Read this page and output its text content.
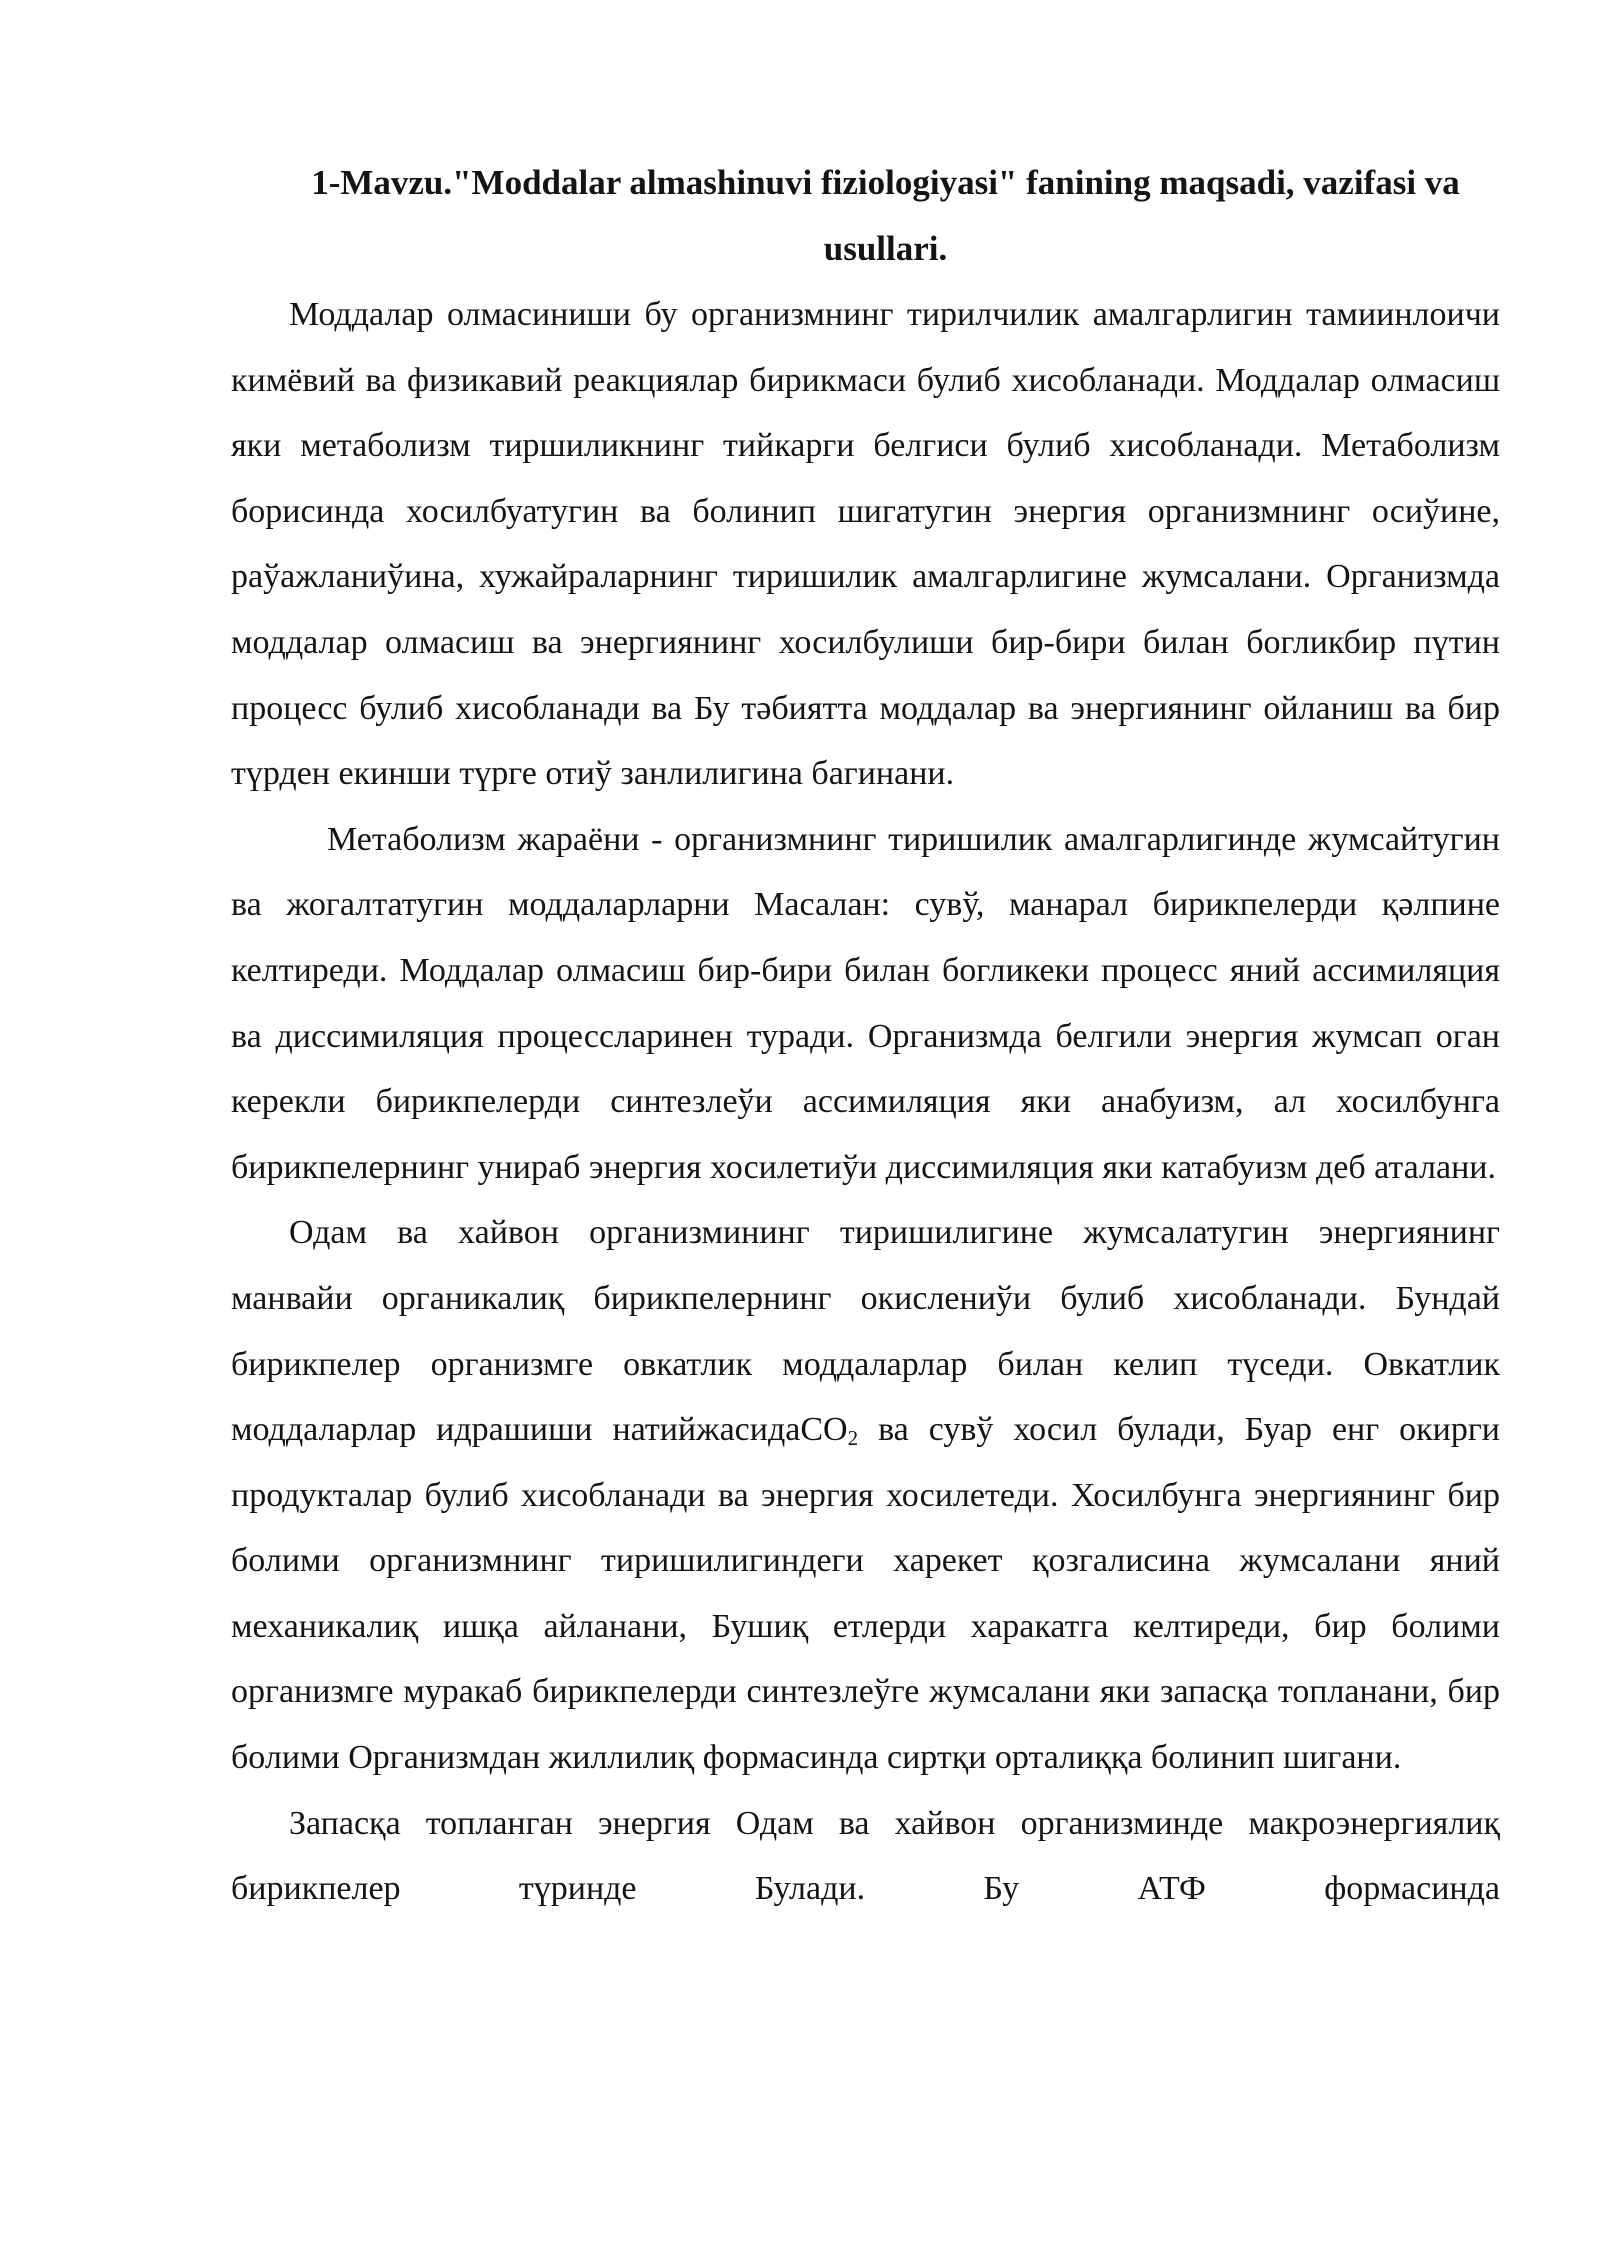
1-Mavzu."Moddalar almashinuvi fiziologiyasi" fanining maqsadi, vazifasi va usullari.

Моддалар олмасиниши бу организмнинг тирилчилик амалгарлигин тамиинлоичи кимёвий ва физикавий реакциялар бирикмаси булиб хисобланади. Моддалар олмасиш яки метаболизм тиршиликнинг тийкарги белгиси булиб хисобланади. Метаболизм борисинда хосилбуатугин ва болинип шигатугин энергия организмнинг осиўине, раўажланиўина, хужайраларнинг тиришилик амалгарлигине жумсалани. Организмда моддалар олмасиш ва энергиянинг хосилбулиши бир-бири билан богликбир пүтин процесс булиб хисобланади ва Бу тәбиятта моддалар ва энергиянинг ойланиш ва бир түрден екинши түрге отиў занлилигина багинани.

Метаболизм жараёни - организмнинг тиришилик амалгарлигинде жумсайтугин ва жогалтатугин моддаларларни Масалан: сувў, манарал бирикпелерди қәлпине келтиреди. Моддалар олмасиш бир-бири билан богликеки процесс яний ассимиляция ва диссимиляция процессларинен туради. Организмда белгили энергия жумсап оган керекли бирикпелерди синтезлеўи ассимиляция яки анабуизм, ал хосилбунга бирикпелернинг унираб энергия хосилетиўи диссимиляция яки катабуизм деб аталани.

Одам ва хайвон организмининг тиришилигине жумсалатугин энергиянинг манвайи органикалиқ бирикпелернинг окислениўи булиб хисобланади. Бундай бирикпелер организмге овкатлик моддаларлар билан келип түседи. Овкатлик моддаларлар идрашиши натийжасидаCO$_2$ ва сувў хосил булади, Буар енг окирги продукталар булиб хисобланади ва энергия хосилетеди. Хосилбунга энергиянинг бир болими организмнинг тиришилигиндеги харекет қозгалисина жумсалани яний механикалиқ ишқа айланани, Бушиқ етлерди харакатга келтиреди, бир болими организмге муракаб бирикпелерди синтезлеўге жумсалани яки запасқа топланани, бир болими Организмдан жиллилиқ формасинда сиртқи орталиққа болинип шигани.

Запасқа топланган энергия Одам ва хайвон организминде макроэнергиялиқ бирикпелер түринде Булади. Бу АТФ формасинда
